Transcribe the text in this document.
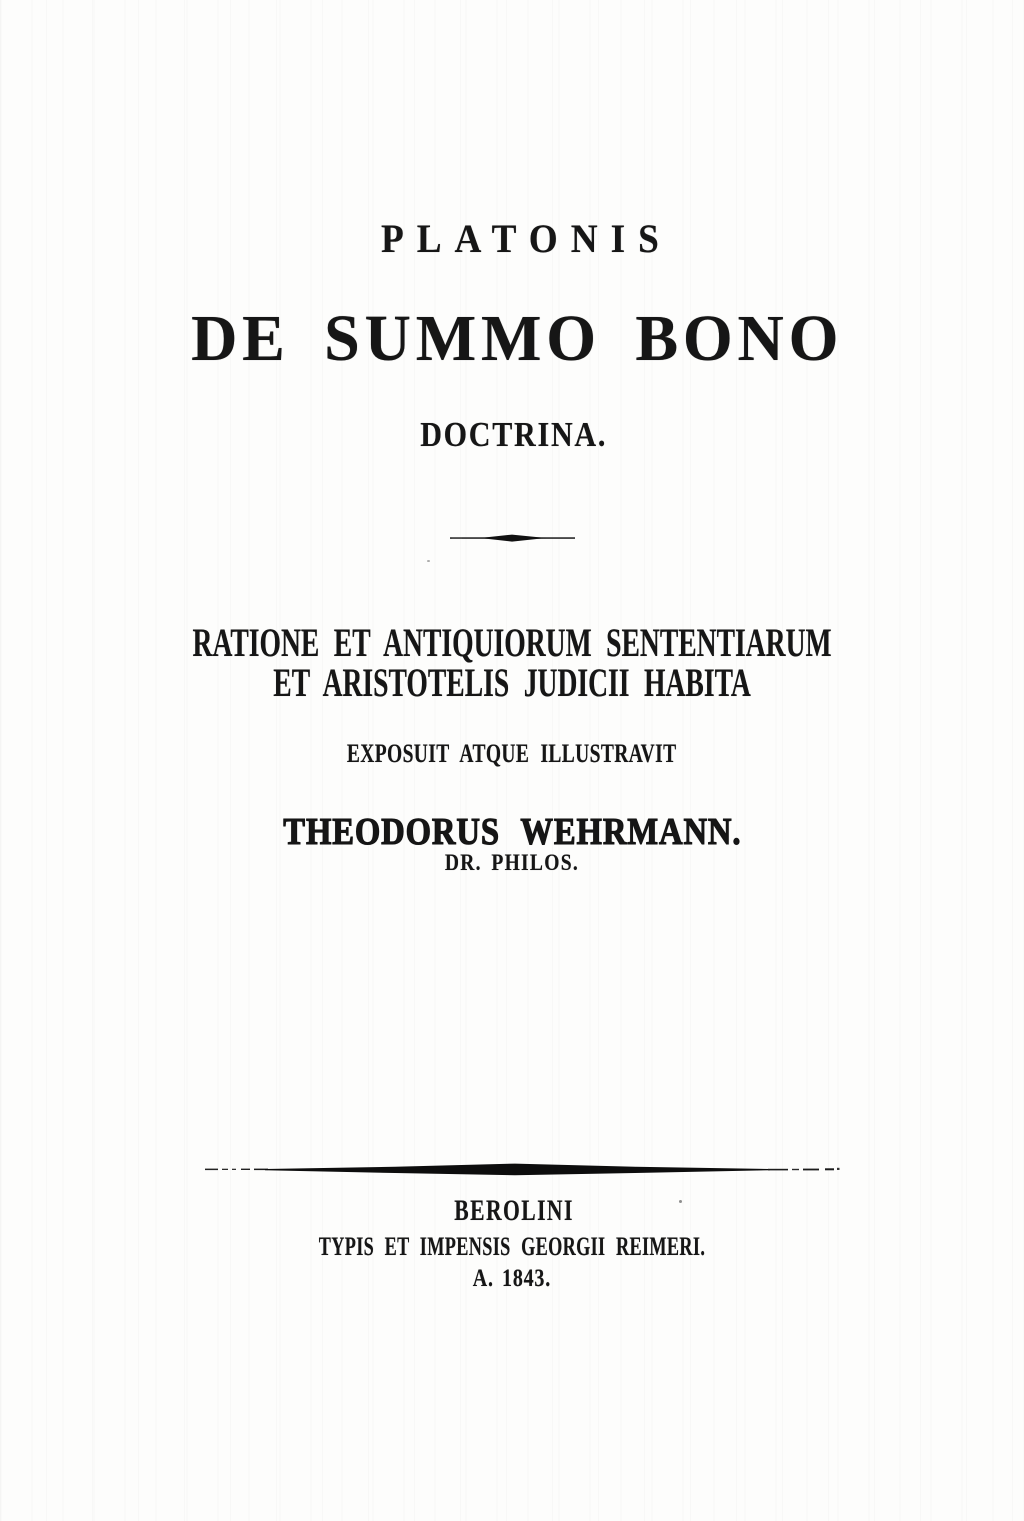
PLATONIS
DE SUMMO BONO
DOCTRINA.
RATIONE ET ANTIQUIORUM SENTENTIARUM
ET ARISTOTELIS JUDICII HABITA
EXPOSUIT ATQUE ILLUSTRAVIT
THEODORUS WEHRMANN.
DR. PHILOS.
BEROLINI
TYPIS ET IMPENSIS GEORGII REIMERI.
A. 1843.
